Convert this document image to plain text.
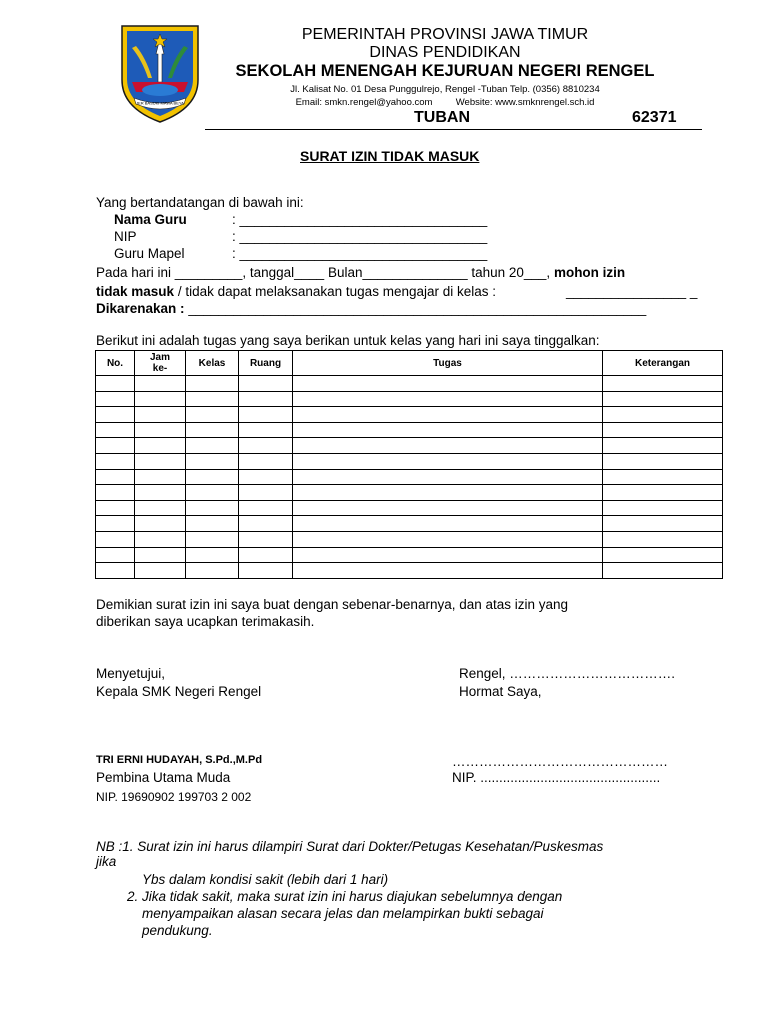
JER BASUKI MAWA BEYA
PEMERINTAH PROVINSI JAWA TIMUR
DINAS PENDIDIKAN
SEKOLAH MENENGAH KEJURUAN NEGERI RENGEL
Jl. Kalisat No. 01 Desa Punggulrejo, Rengel -Tuban Telp. (0356) 8810234
Email: smkn.rengel@yahoo.com Website: www.smknrengel.sch.id
TUBAN	62371
SURAT IZIN TIDAK MASUK
Yang bertandatangan di bawah ini:
Nama Guru	: _________________________________
NIP	: _________________________________
Guru Mapel	: _________________________________
Pada hari ini _________, tanggal____ Bulan______________ tahun 20___, mohon izin
tidak masuk / tidak dapat melaksanakan tugas mengajar di kelas :	________________ _
Dikarenakan : _____________________________________________________________
Berikut ini adalah tugas yang saya berikan untuk kelas yang hari ini saya tinggalkan:
No.	Jam ke-	Kelas	Ruang	Tugas	Keterangan

Demikian surat izin ini saya buat dengan sebenar-benarnya, dan atas izin yang
diberikan saya ucapkan terimakasih.
Menyetujui,
Kepala SMK Negeri Rengel
Rengel, ……………………………….
Hormat Saya,
TRI ERNI HUDAYAH, S.Pd.,M.Pd
Pembina Utama Muda
NIP. 19690902 199703 2 002
…………………………………………
NIP. ................................................
NB :1. Surat izin ini harus dilampiri Surat dari Dokter/Petugas Kesehatan/Puskesmas
jika
Ybs dalam kondisi sakit (lebih dari 1 hari)
2. Jika tidak sakit, maka surat izin ini harus diajukan sebelumnya dengan
menyampaikan alasan secara jelas dan melampirkan bukti sebagai
pendukung.
